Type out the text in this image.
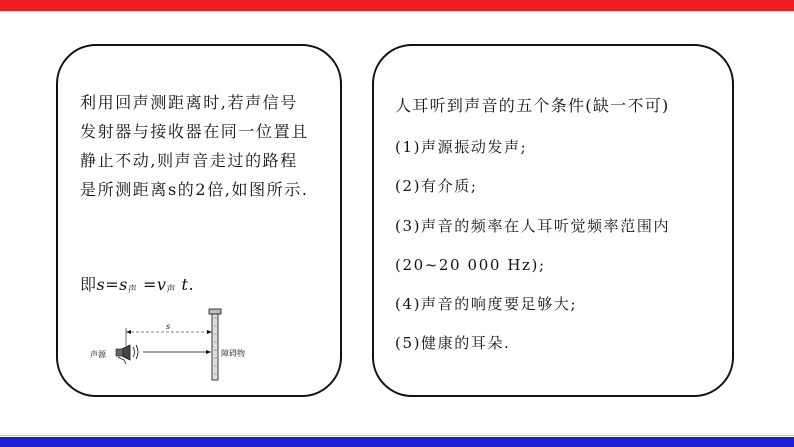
利用回声测距离时,若声信号
发射器与接收器在同一位置且
静止不动,则声音走过的路程
是所测距离s的2倍,如图所示.
即$s=s_声 =v_声$ t.
声源
s
障碍物
人耳听到声音的五个条件(缺一不可)
(1)声源振动发声;
(2)有介质;
(3)声音的频率在人耳听觉频率范围内
(20~20 000 Hz);
(4)声音的响度要足够大;
(5)健康的耳朵.
